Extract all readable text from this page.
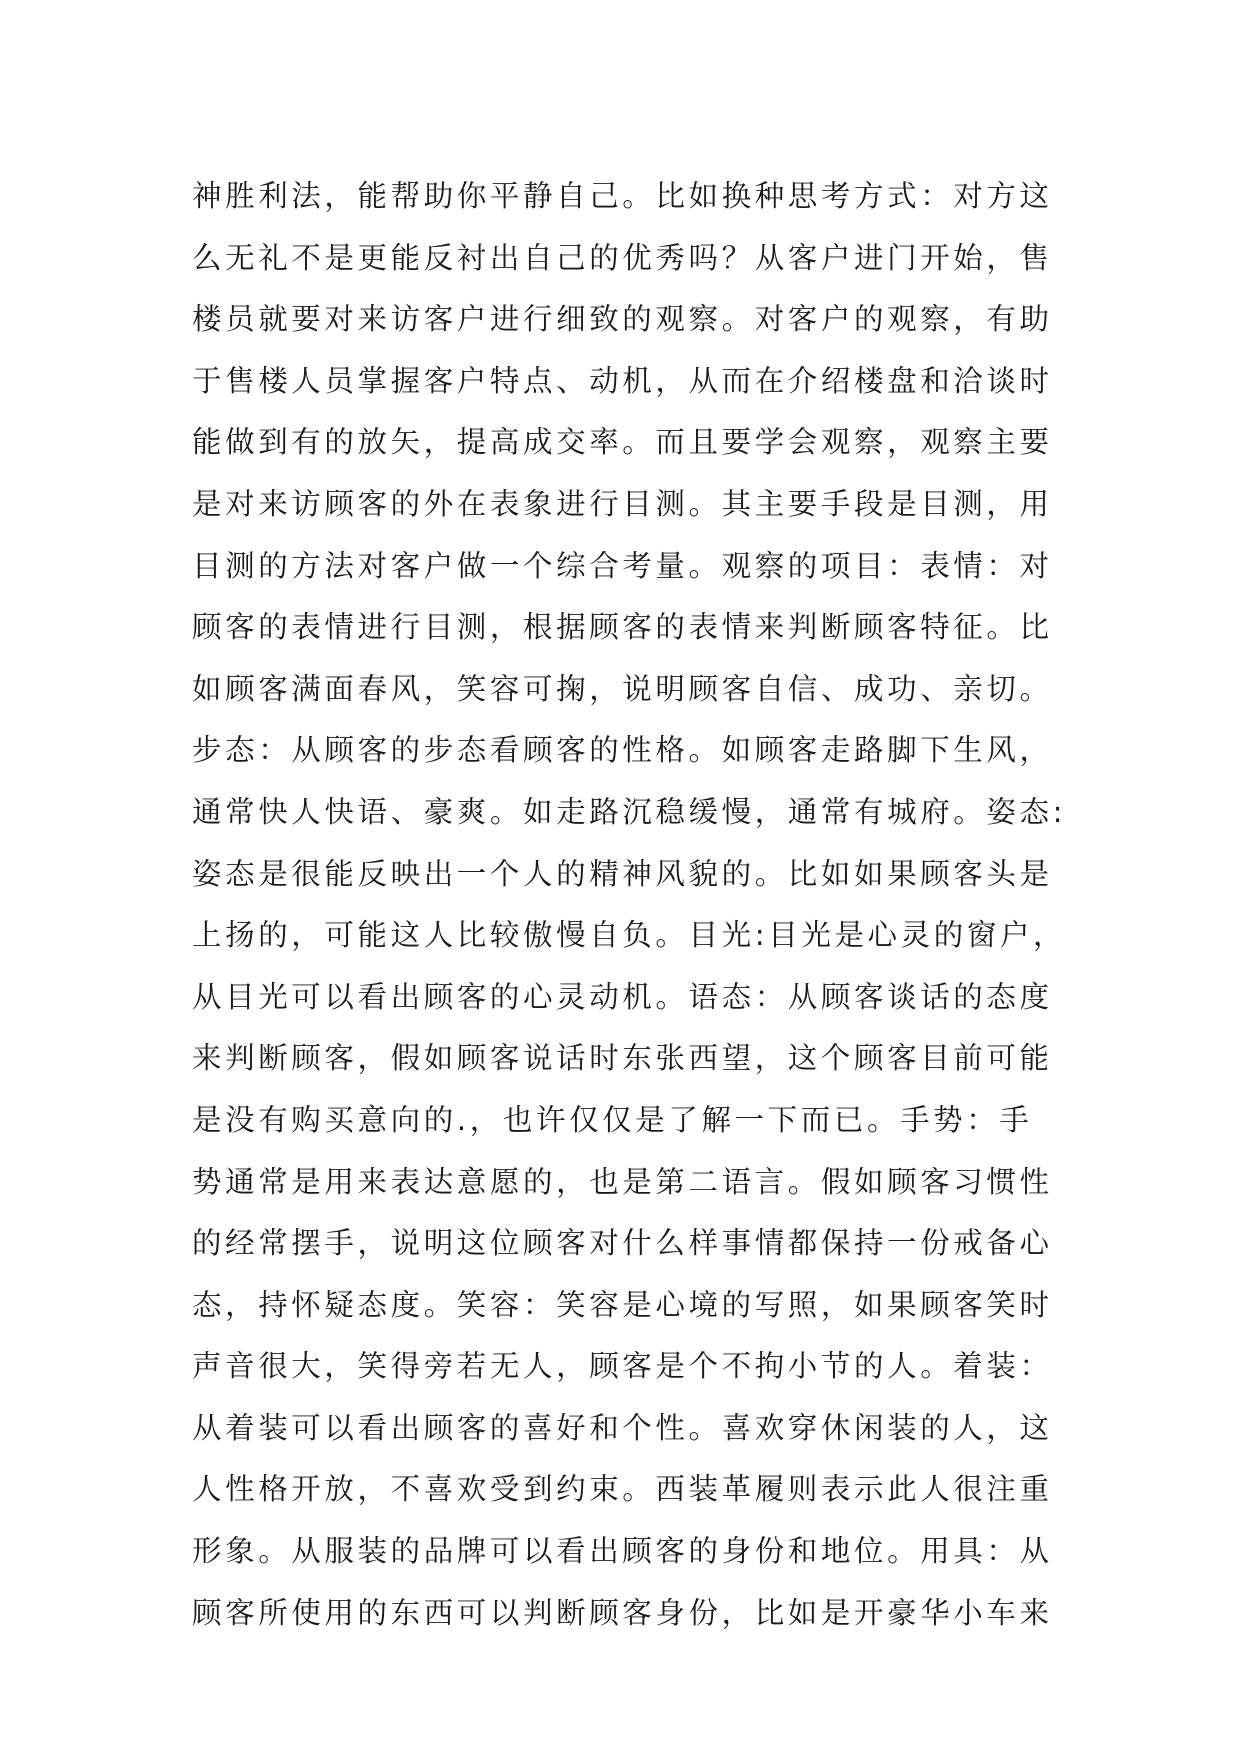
神胜利法，能帮助你平静自己。比如换种思考方式：对方这
么无礼不是更能反衬出自己的优秀吗？从客户进门开始，售
楼员就要对来访客户进行细致的观察。对客户的观察，有助
于售楼人员掌握客户特点、动机，从而在介绍楼盘和洽谈时
能做到有的放矢，提高成交率。而且要学会观察，观察主要
是对来访顾客的外在表象进行目测。其主要手段是目测，用
目测的方法对客户做一个综合考量。观察的项目：表情：对
顾客的表情进行目测，根据顾客的表情来判断顾客特征。比
如顾客满面春风，笑容可掬，说明顾客自信、成功、亲切。
步态：从顾客的步态看顾客的性格。如顾客走路脚下生风，
通常快人快语、豪爽。如走路沉稳缓慢，通常有城府。姿态:
姿态是很能反映出一个人的精神风貌的。比如如果顾客头是
上扬的，可能这人比较傲慢自负。目光:目光是心灵的窗户，
从目光可以看出顾客的心灵动机。语态：从顾客谈话的态度
来判断顾客，假如顾客说话时东张西望，这个顾客目前可能
是没有购买意向的.，也许仅仅是了解一下而已。手势：手
势通常是用来表达意愿的，也是第二语言。假如顾客习惯性
的经常摆手，说明这位顾客对什么样事情都保持一份戒备心
态，持怀疑态度。笑容：笑容是心境的写照，如果顾客笑时
声音很大，笑得旁若无人，顾客是个不拘小节的人。着装：
从着装可以看出顾客的喜好和个性。喜欢穿休闲装的人，这
人性格开放，不喜欢受到约束。西装革履则表示此人很注重
形象。从服装的品牌可以看出顾客的身份和地位。用具：从
顾客所使用的东西可以判断顾客身份，比如是开豪华小车来
